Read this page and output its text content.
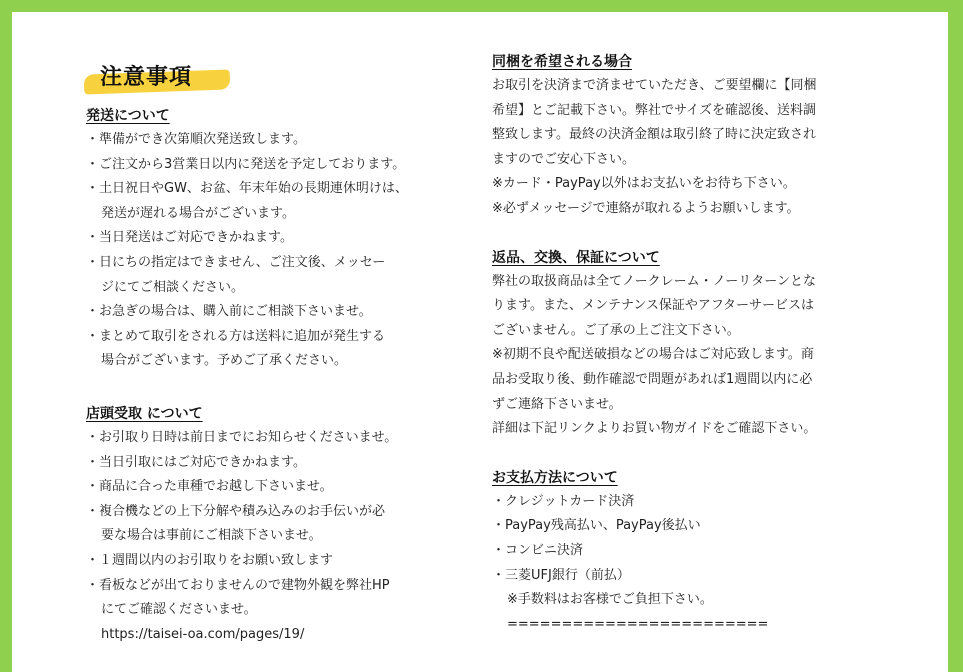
注意事項
発送について
・準備ができ次第順次発送致します。
・ご注文から3営業日以内に発送を予定しております。
・土日祝日やGW、お盆、年末年始の長期連休明けは、
発送が遅れる場合がございます。
・当日発送はご対応できかねます。
・日にちの指定はできません、ご注文後、メッセー
ジにてご相談ください。
・お急ぎの場合は、購入前にご相談下さいませ。
・まとめて取引をされる方は送料に追加が発生する
場合がございます。予めご了承ください。
店頭受取 について
・お引取り日時は前日までにお知らせくださいませ。
・当日引取にはご対応できかねます。
・商品に合った車種でお越し下さいませ。
・複合機などの上下分解や積み込みのお手伝いが必
要な場合は事前にご相談下さいませ。
・１週間以内のお引取りをお願い致します
・看板などが出ておりませんので建物外観を弊社HP
にてご確認くださいませ。
https://taisei-oa.com/pages/19/
同梱を希望される場合
お取引を決済まで済ませていただき、ご要望欄に【同梱
希望】とご記載下さい。弊社でサイズを確認後、送料調
整致します。最終の決済金額は取引終了時に決定致され
ますのでご安心下さい。
※カード・PayPay以外はお支払いをお待ち下さい。
※必ずメッセージで連絡が取れるようお願いします。
返品、交換、保証について
弊社の取扱商品は全てノークレーム・ノーリターンとな
ります。また、メンテナンス保証やアフターサービスは
ございません。ご了承の上ご注文下さい。
※初期不良や配送破損などの場合はご対応致します。商
品お受取り後、動作確認で問題があれば1週間以内に必
ずご連絡下さいませ。
詳細は下記リンクよりお買い物ガイドをご確認下さい。
お支払方法について
・クレジットカード決済
・PayPay残高払い、PayPay後払い
・コンビニ決済
・三菱UFJ銀行（前払）
※手数料はお客様でご負担下さい。
========================
